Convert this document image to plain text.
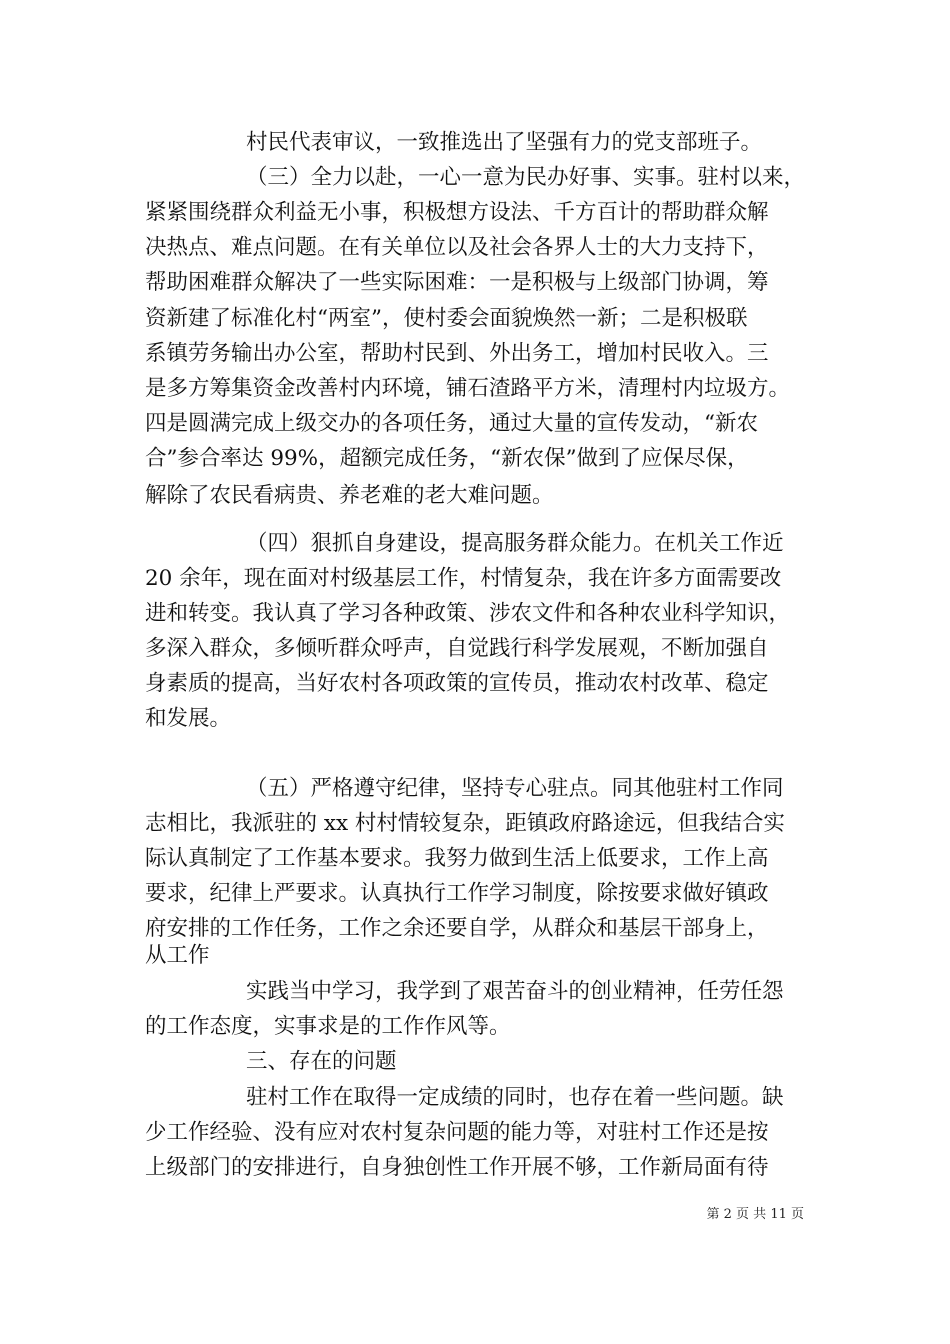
村民代表审议，一致推选出了坚强有力的党支部班子。
（三）全力以赴，一心一意为民办好事、实事。驻村以来，
紧紧围绕群众利益无小事，积极想方设法、千方百计的帮助群众解
决热点、难点问题。在有关单位以及社会各界人士的大力支持下，
帮助困难群众解决了一些实际困难：一是积极与上级部门协调，筹
资新建了标准化村“两室”，使村委会面貌焕然一新；二是积极联
系镇劳务输出办公室，帮助村民到、外出务工，增加村民收入。三
是多方筹集资金改善村内环境，铺石渣路平方米，清理村内垃圾方。
四是圆满完成上级交办的各项任务，通过大量的宣传发动，“新农
合”参合率达 99%，超额完成任务，“新农保”做到了应保尽保，
解除了农民看病贵、养老难的老大难问题。
（四）狠抓自身建设，提高服务群众能力。在机关工作近
20 余年，现在面对村级基层工作，村情复杂，我在许多方面需要改
进和转变。我认真了学习各种政策、涉农文件和各种农业科学知识，
多深入群众，多倾听群众呼声，自觉践行科学发展观，不断加强自
身素质的提高，当好农村各项政策的宣传员，推动农村改革、稳定
和发展。
（五）严格遵守纪律，坚持专心驻点。同其他驻村工作同
志相比，我派驻的 xx 村村情较复杂，距镇政府路途远，但我结合实
际认真制定了工作基本要求。我努力做到生活上低要求，工作上高
要求，纪律上严要求。认真执行工作学习制度，除按要求做好镇政
府安排的工作任务，工作之余还要自学，从群众和基层干部身上，
从工作
实践当中学习，我学到了艰苦奋斗的创业精神，任劳任怨
的工作态度，实事求是的工作作风等。
三、存在的问题
驻村工作在取得一定成绩的同时，也存在着一些问题。缺
少工作经验、没有应对农村复杂问题的能力等，对驻村工作还是按
上级部门的安排进行，自身独创性工作开展不够，工作新局面有待
第 2 页 共 11 页
